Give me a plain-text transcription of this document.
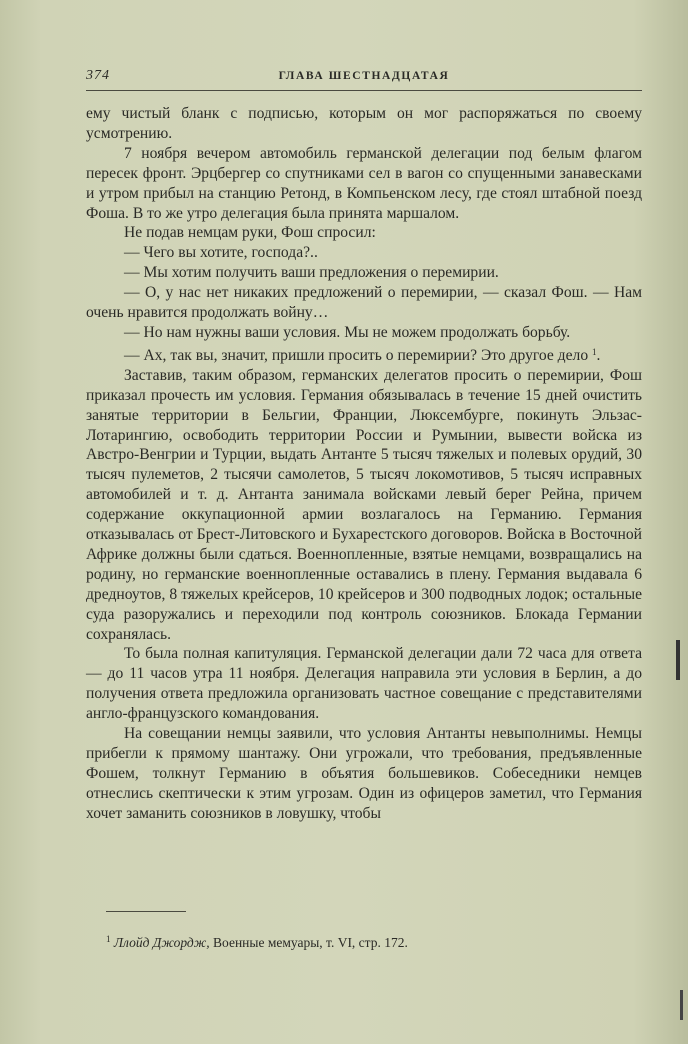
374	ГЛАВА ШЕСТНАДЦАТАЯ

ему чистый бланк с подписью, которым он мог распоряжаться по своему усмотрению.

7 ноября вечером автомобиль германской делегации под белым флагом пересек фронт. Эрцбергер со спутниками сел в вагон со спущенными занавесками и утром прибыл на станцию Ретонд, в Компьенском лесу, где стоял штабной поезд Фоша. В то же утро делегация была принята маршалом.

Не подав немцам руки, Фош спросил:

— Чего вы хотите, господа?..

— Мы хотим получить ваши предложения о перемирии.

— О, у нас нет никаких предложений о перемирии, — сказал Фош. — Нам очень нравится продолжать войну…

— Но нам нужны ваши условия. Мы не можем продолжать борьбу.

— Ах, так вы, значит, пришли просить о перемирии? Это другое дело $^1$.

Заставив, таким образом, германских делегатов просить о перемирии, Фош приказал прочесть им условия. Германия обязывалась в течение 15 дней очистить занятые территории в Бельгии, Франции, Люксембурге, покинуть Эльзас-Лотарингию, освободить территории России и Румынии, вывести войска из Австро-Венгрии и Турции, выдать Антанте 5 тысяч тяжелых и полевых орудий, 30 тысяч пулеметов, 2 тысячи самолетов, 5 тысяч локомотивов, 5 тысяч исправных автомобилей и т. д. Антанта занимала войсками левый берег Рейна, причем содержание оккупационной армии возлагалось на Германию. Германия отказывалась от Брест-Литовского и Бухарестского договоров. Войска в Восточной Африке должны были сдаться. Военнопленные, взятые немцами, возвращались на родину, но германские военнопленные оставались в плену. Германия выдавала 6 дредноутов, 8 тяжелых крейсеров, 10 крейсеров и 300 подводных лодок; остальные суда разоружались и переходили под контроль союзников. Блокада Германии сохранялась.

То была полная капитуляция. Германской делегации дали 72 часа для ответа — до 11 часов утра 11 ноября. Делегация направила эти условия в Берлин, а до получения ответа предложила организовать частное совещание с представителями англо-французского командования.

На совещании немцы заявили, что условия Антанты невыполнимы. Немцы прибегли к прямому шантажу. Они угрожали, что требования, предъявленные Фошем, толкнут Германию в объятия большевиков. Собеседники немцев отнеслись скептически к этим угрозам. Один из офицеров заметил, что Германия хочет заманить союзников в ловушку, чтобы

$^1$ Ллойд Джордж, Военные мемуары, т. VI, стр. 172.
